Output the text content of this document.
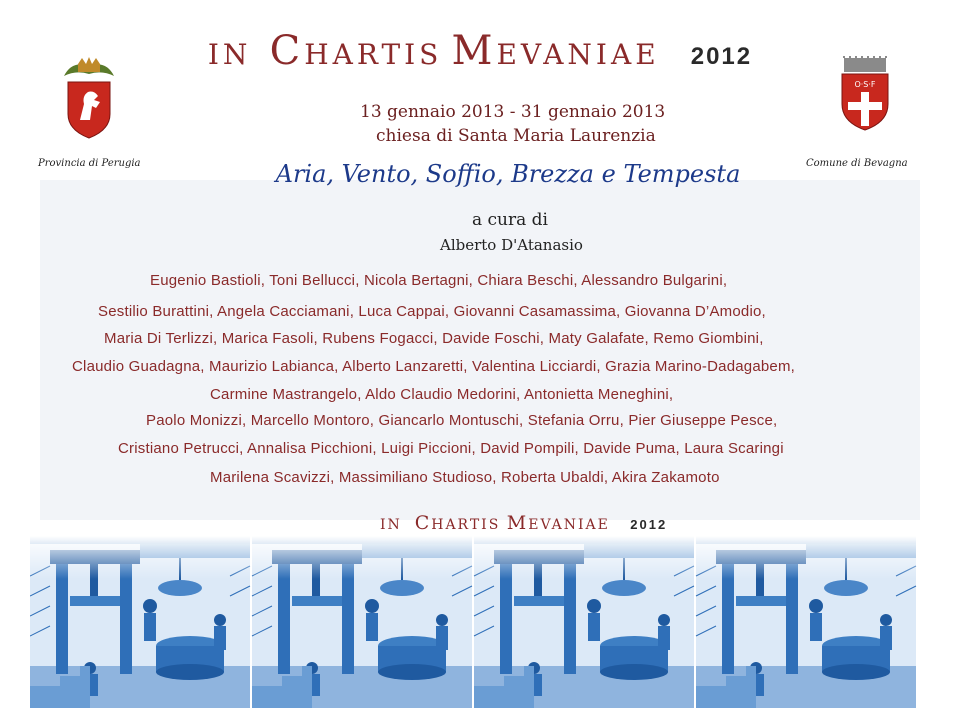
IN CHARTIS MEVANIAE 2012
Provincia di Perugia
O·S·F
Comune di Bevagna
13 gennaio 2013 - 31 gennaio 2013
chiesa di Santa Maria Laurenzia
Aria, Vento, Soffio, Brezza e Tempesta
a cura di
Alberto D'Atanasio
Eugenio Bastioli, Toni Bellucci, Nicola Bertagni, Chiara Beschi, Alessandro Bulgarini,
Sestilio Burattini, Angela Cacciamani, Luca Cappai, Giovanni Casamassima, Giovanna D’Amodio,
Maria Di Terlizzi, Marica Fasoli, Rubens Fogacci, Davide Foschi, Maty Galafate, Remo Giombini,
Claudio Guadagna, Maurizio Labianca, Alberto Lanzaretti, Valentina Licciardi, Grazia Marino-Dadagabem,
Carmine Mastrangelo, Aldo Claudio Medorini, Antonietta Meneghini,
Paolo Monizzi, Marcello Montoro, Giancarlo Montuschi, Stefania Orru, Pier Giuseppe Pesce,
Cristiano Petrucci, Annalisa Picchioni, Luigi Piccioni, David Pompili, Davide Puma, Laura Scaringi
Marilena Scavizzi, Massimiliano Studioso, Roberta Ubaldi, Akira Zakamoto
IN CHARTIS MEVANIAE 2012
